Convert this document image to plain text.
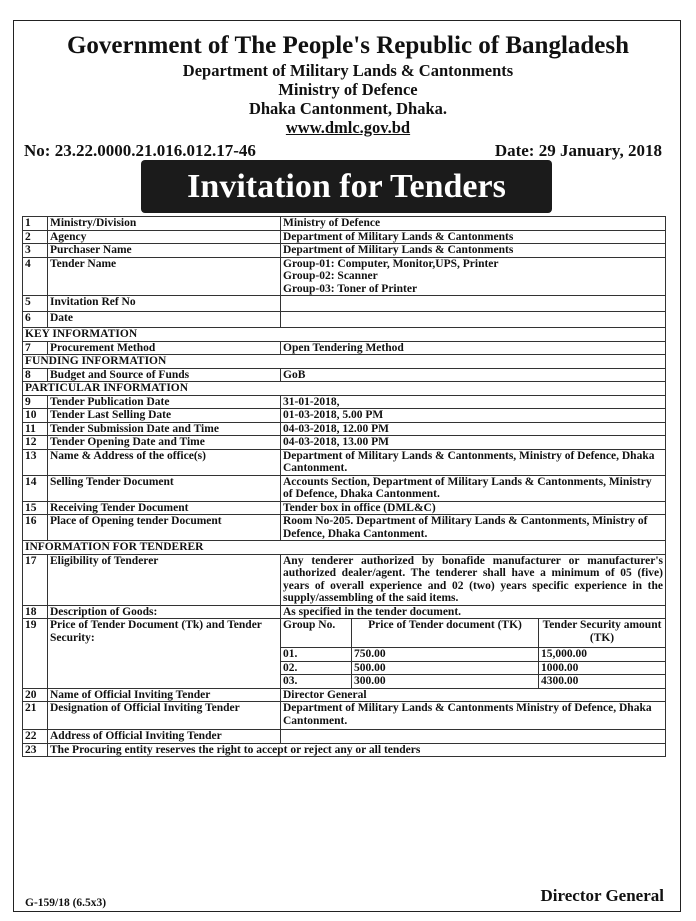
Government of The People's Republic of Bangladesh
Department of Military Lands & Cantonments
Ministry of Defence
Dhaka Cantonment, Dhaka.
www.dmlc.gov.bd
No: 23.22.0000.21.016.012.17-46	Date: 29 January, 2018
Invitation for Tenders
1	Ministry/Division	Ministry of Defence
2	Agency	Department of Military Lands & Cantonments
3	Purchaser Name	Department of Military Lands & Cantonments
4	Tender Name	Group-01: Computer, Monitor,UPS, Printer
Group-02: Scanner
Group-03: Toner of Printer

5	Invitation Ref No	
6	Date	
KEY INFORMATION
7	Procurement Method	Open Tendering Method
FUNDING INFORMATION
8	Budget and Source of Funds	GoB
PARTICULAR INFORMATION
9	Tender Publication Date	31-01-2018,
10	Tender Last Selling Date	01-03-2018, 5.00 PM
11	Tender Submission Date and Time	04-03-2018, 12.00 PM
12	Tender Opening Date and Time	04-03-2018, 13.00 PM
13	Name & Address of the office(s)	Department of Military Lands & Cantonments, Ministry of Defence, Dhaka Cantonment.
14	Selling Tender Document	Accounts Section, Department of Military Lands & Cantonments, Ministry of Defence, Dhaka Cantonment.
15	Receiving Tender Document	Tender box in office (DML&C)
16	Place of Opening tender Document	Room No-205. Department of Military Lands & Cantonments, Ministry of Defence, Dhaka Cantonment.
INFORMATION FOR TENDERER
17	Eligibility of Tenderer	Any tenderer authorized by bonafide manufacturer or manufacturer's authorized dealer/agent. The tenderer shall have a minimum of 05 (five) years of overall experience and 02 (two) years specific experience in the supply/assembling of the said items.
18	Description of Goods:	As specified in the tender document.
19	Price of Tender Document (Tk) and Tender Security:	
Group No.	Price of Tender document (TK)	Tender Security amount (TK)
01.	750.00	15,000.00
02.	500.00	1000.00
03.	300.00	4300.00

20	Name of Official Inviting Tender	Director General
21	Designation of Official Inviting Tender	Department of Military Lands & Cantonments Ministry of Defence, Dhaka Cantonment.
22	Address of Official Inviting Tender	
23	The Procuring entity reserves the right to accept or reject any or all tenders
G-159/18 (6.5x3)	Director General
